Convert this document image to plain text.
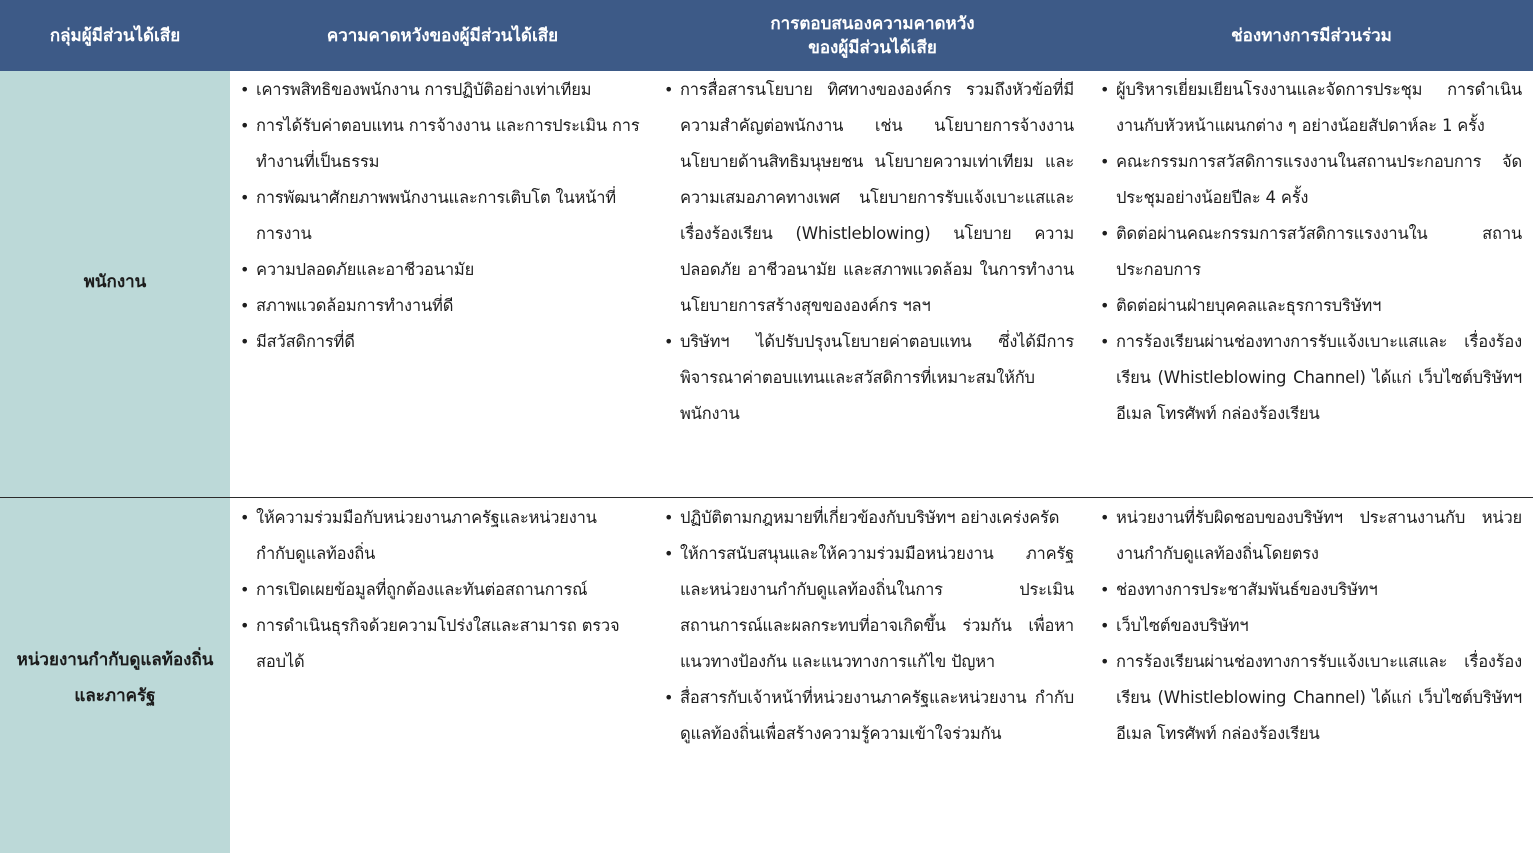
กลุ่มผู้มีส่วนได้เสีย	ความคาดหวังของผู้มีส่วนได้เสีย
การตอบสนองความคาดหวัง
ของผู้มีส่วนได้เสีย
ช่องทางการมีส่วนร่วม
พนักงาน
• เคารพสิทธิของพนักงาน การปฏิบัติอย่างเท่าเทียม
• การได้รับค่าตอบแทน การจ้างงาน และการประเมิน การทำงานที่เป็นธรรม
• การพัฒนาศักยภาพพนักงานและการเติบโต ในหน้าที่การงาน
• ความปลอดภัยและอาชีวอนามัย
• สภาพแวดล้อมการทำงานที่ดี
• มีสวัสดิการที่ดี
• การสื่อสารนโยบาย ทิศทางขององค์กร รวมถึงหัวข้อที่มีความสำคัญต่อพนักงาน เช่น นโยบายการจ้างงาน นโยบายด้านสิทธิมนุษยชน นโยบายความเท่าเทียม และความเสมอภาคทางเพศ นโยบายการรับแจ้งเบาะแสและเรื่องร้องเรียน (Whistleblowing) นโยบาย ความปลอดภัย อาชีวอนามัย และสภาพแวดล้อม ในการทำงาน นโยบายการสร้างสุขขององค์กร ฯลฯ
• บริษัทฯ ได้ปรับปรุงนโยบายค่าตอบแทน ซึ่งได้มีการพิจารณาค่าตอบแทนและสวัสดิการที่เหมาะสมให้กับพนักงาน
• ผู้บริหารเยี่ยมเยียนโรงงานและจัดการประชุม การดำเนินงานกับหัวหน้าแผนกต่าง ๆ อย่างน้อยสัปดาห์ละ 1 ครั้ง
• คณะกรรมการสวัสดิการแรงงานในสถานประกอบการ จัดประชุมอย่างน้อยปีละ 4 ครั้ง
• ติดต่อผ่านคณะกรรมการสวัสดิการแรงงานใน สถานประกอบการ
• ติดต่อผ่านฝ่ายบุคคลและธุรการบริษัทฯ
• การร้องเรียนผ่านช่องทางการรับแจ้งเบาะแสและ เรื่องร้องเรียน (Whistleblowing Channel) ได้แก่ เว็บไซต์บริษัทฯ อีเมล โทรศัพท์ กล่องร้องเรียน
หน่วยงานกำกับดูแลท้องถิ่น
และภาครัฐ
• ให้ความร่วมมือกับหน่วยงานภาครัฐและหน่วยงาน กำกับดูแลท้องถิ่น
• การเปิดเผยข้อมูลที่ถูกต้องและทันต่อสถานการณ์
• การดำเนินธุรกิจด้วยความโปร่งใสและสามารถ ตรวจสอบได้
• ปฏิบัติตามกฎหมายที่เกี่ยวข้องกับบริษัทฯ อย่างเคร่งครัด
• ให้การสนับสนุนและให้ความร่วมมือหน่วยงาน ภาครัฐและหน่วยงานกำกับดูแลท้องถิ่นในการ ประเมินสถานการณ์และผลกระทบที่อาจเกิดขึ้น ร่วมกัน เพื่อหาแนวทางป้องกัน และแนวทางการแก้ไข ปัญหา
• สื่อสารกับเจ้าหน้าที่หน่วยงานภาครัฐและหน่วยงาน กำกับดูแลท้องถิ่นเพื่อสร้างความรู้ความเข้าใจร่วมกัน
• หน่วยงานที่รับผิดชอบของบริษัทฯ ประสานงานกับ หน่วยงานกำกับดูแลท้องถิ่นโดยตรง
• ช่องทางการประชาสัมพันธ์ของบริษัทฯ
• เว็บไซต์ของบริษัทฯ
• การร้องเรียนผ่านช่องทางการรับแจ้งเบาะแสและ เรื่องร้องเรียน (Whistleblowing Channel) ได้แก่ เว็บไซต์บริษัทฯ อีเมล โทรศัพท์ กล่องร้องเรียน
